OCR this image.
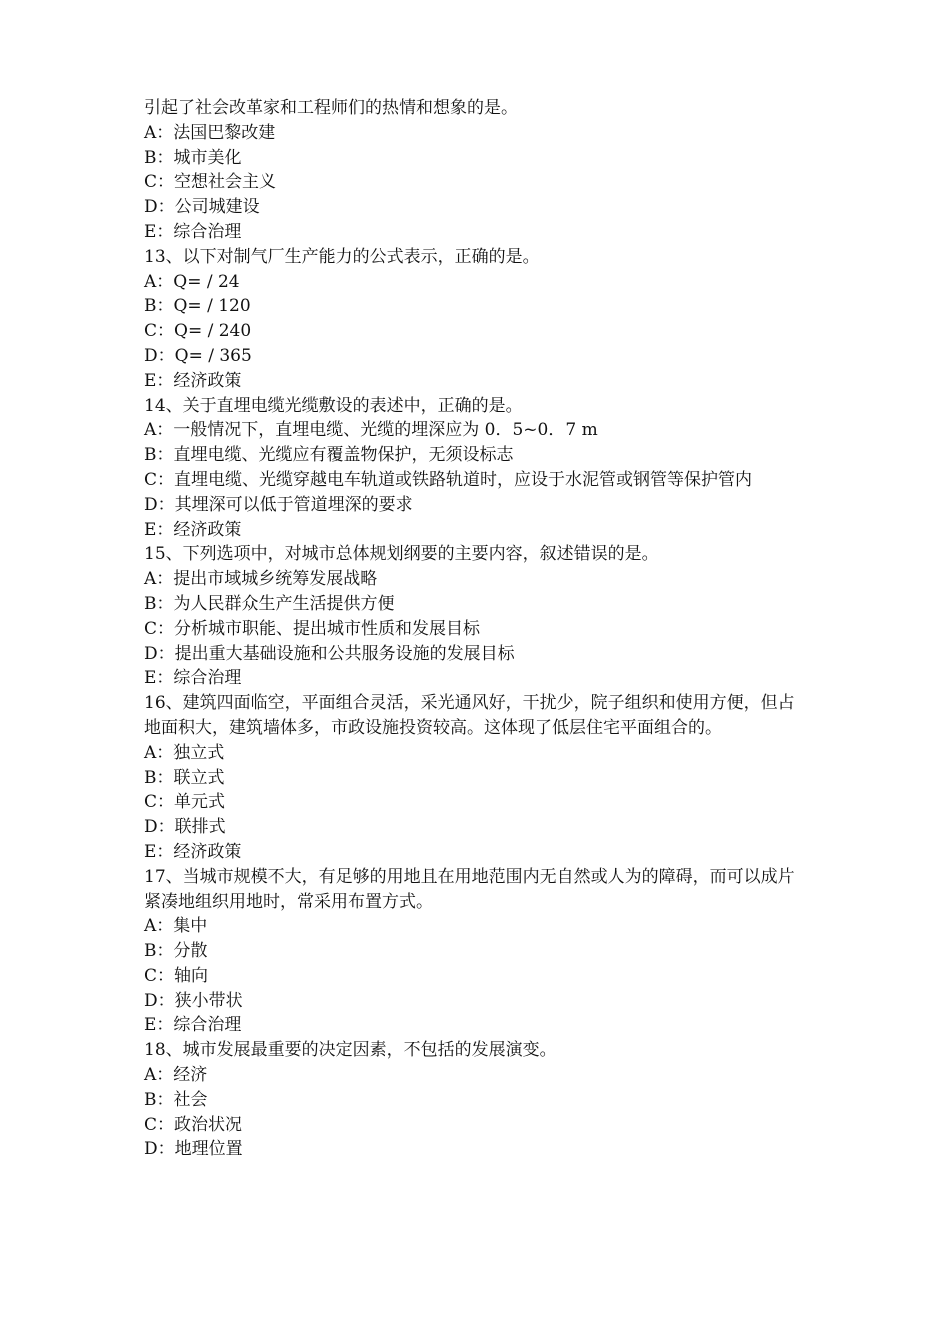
引起了社会改革家和工程师们的热情和想象的是。

A：法国巴黎改建

B：城市美化

C：空想社会主义

D：公司城建设

E：综合治理

13、以下对制气厂生产能力的公式表示，正确的是。

A：Q= / 24

B：Q= / 120

C：Q= / 240

D：Q= / 365

E：经济政策

14、关于直埋电缆光缆敷设的表述中，正确的是。

A：一般情况下，直埋电缆、光缆的埋深应为 0．5~0．7 m

B：直埋电缆、光缆应有覆盖物保护，无须设标志

C：直埋电缆、光缆穿越电车轨道或铁路轨道时，应设于水泥管或钢管等保护管内

D：其埋深可以低于管道埋深的要求

E：经济政策

15、下列选项中，对城市总体规划纲要的主要内容，叙述错误的是。

A：提出市域城乡统筹发展战略

B：为人民群众生产生活提供方便

C：分析城市职能、提出城市性质和发展目标

D：提出重大基础设施和公共服务设施的发展目标

E：综合治理

16、建筑四面临空，平面组合灵活，采光通风好，干扰少，院子组织和使用方便，但占地面积大，建筑墙体多，市政设施投资较高。这体现了低层住宅平面组合的。

A：独立式

B：联立式

C：单元式

D：联排式

E：经济政策

17、当城市规模不大，有足够的用地且在用地范围内无自然或人为的障碍，而可以成片紧凑地组织用地时，常采用布置方式。

A：集中

B：分散

C：轴向

D：狭小带状

E：综合治理

18、城市发展最重要的决定因素，不包括的发展演变。

A：经济

B：社会

C：政治状况

D：地理位置
